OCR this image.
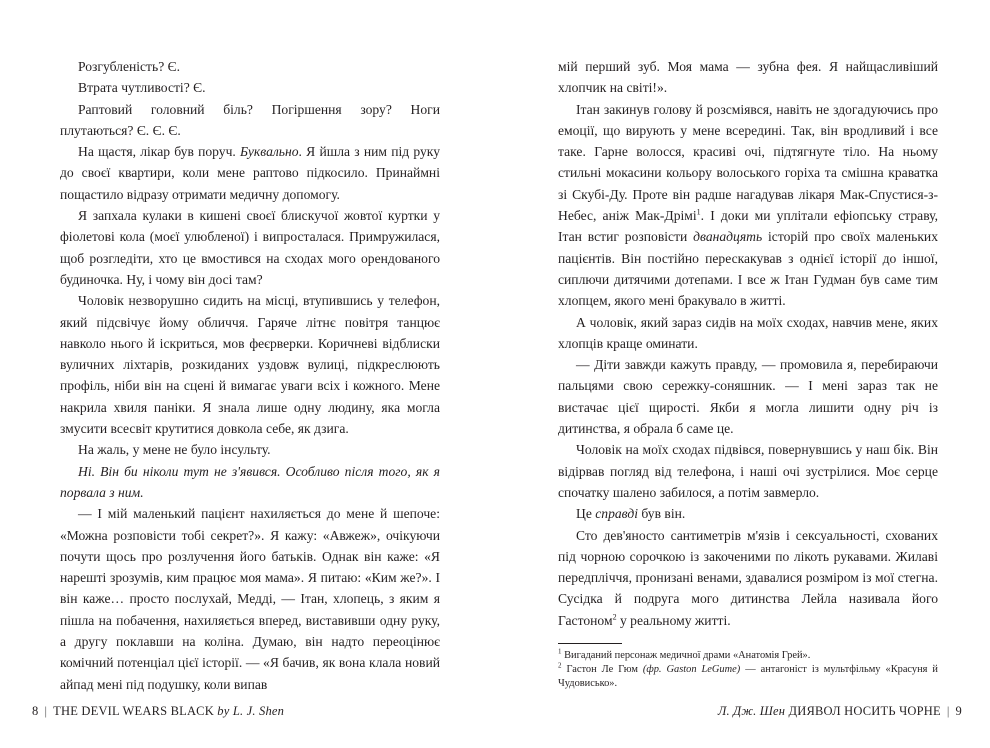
Розгубленість? Є.

Втрата чутливості? Є.

Раптовий головний біль? Погіршення зору? Ноги плутаються? Є. Є. Є.

На щастя, лікар був поруч. Буквально. Я йшла з ним під руку до своєї квартири, коли мене раптово підкосило. Принаймні пощастило відразу отримати медичну допомогу.

Я запхала кулаки в кишені своєї блискучої жовтої куртки у фіолетові кола (моєї улюбленої) і випросталася. Примружилася, щоб розгледіти, хто це вмостився на сходах мого орендованого будиночка. Ну, і чому він досі там?

Чоловік незворушно сидить на місці, втупившись у телефон, який підсвічує йому обличчя. Гаряче літнє повітря танцює навколо нього й іскриться, мов феєрверки. Коричневі відблиски вуличних ліхтарів, розкиданих уздовж вулиці, підкреслюють профіль, ніби він на сцені й вимагає уваги всіх і кожного. Мене накрила хвиля паніки. Я знала лише одну людину, яка могла змусити всесвіт крутитися довкола себе, як дзига.

На жаль, у мене не було інсульту.

Ні. Він би ніколи тут не з'явився. Особливо після того, як я порвала з ним.

— І мій маленький пацієнт нахиляється до мене й шепоче: «Можна розповісти тобі секрет?». Я кажу: «Авжеж», очікуючи почути щось про розлучення його батьків. Однак він каже: «Я нарешті зрозумів, ким працює моя мама». Я питаю: «Ким же?». І він каже… просто послухай, Медді, — Ітан, хлопець, з яким я пішла на побачення, нахиляється вперед, виставивши одну руку, а другу поклавши на коліна. Думаю, він надто переоцінює комічний потенціал цієї історії. — «Я бачив, як вона клала новий айпад мені під подушку, коли випав

8 | THE DEVIL WEARS BLACK by L. J. Shen

мій перший зуб. Моя мама — зубна фея. Я найщасливіший хлопчик на світі!».

Ітан закинув голову й розсміявся, навіть не здогадуючись про емоції, що вирують у мене всередині. Так, він вродливий і все таке. Гарне волосся, красиві очі, підтягнуте тіло. На ньому стильні мокасини кольору волоського горіха та смішна краватка зі Скубі-Ду. Проте він радше нагадував лікаря Мак-Спустися-з-Небес, аніж Мак-Дрімі$^1$. І доки ми уплітали ефіопську страву, Ітан встиг розповісти дванадцять історій про своїх маленьких пацієнтів. Він постійно перескакував з однієї історії до іншої, сиплючи дитячими дотепами. І все ж Ітан Гудман був саме тим хлопцем, якого мені бракувало в житті.

А чоловік, який зараз сидів на моїх сходах, навчив мене, яких хлопців краще оминати.

— Діти завжди кажуть правду, — промовила я, перебираючи пальцями свою сережку-соняшник. — І мені зараз так не вистачає цієї щирості. Якби я могла лишити одну річ із дитинства, я обрала б саме це.

Чоловік на моїх сходах підвівся, повернувшись у наш бік. Він відірвав погляд від телефона, і наші очі зустрілися. Моє серце спочатку шалено забилося, а потім завмерло.

Це справді був він.

Сто дев'яносто сантиметрів м'язів і сексуальності, схованих під чорною сорочкою із закоченими по лікоть рукавами. Жилаві передпліччя, пронизані венами, здавалися розміром із мої стегна. Сусідка й подруга мого дитинства Лейла називала його Гастоном$^2$ у реальному житті.

$^1$ Вигаданий персонаж медичної драми «Анатомія Грей».

$^2$ Гастон Ле Гюм (фр. Gaston LeGume) — антагоніст із мультфільму «Красуня й Чудовисько».

Л. Дж. Шен ДИЯВОЛ НОСИТЬ ЧОРНЕ | 9
